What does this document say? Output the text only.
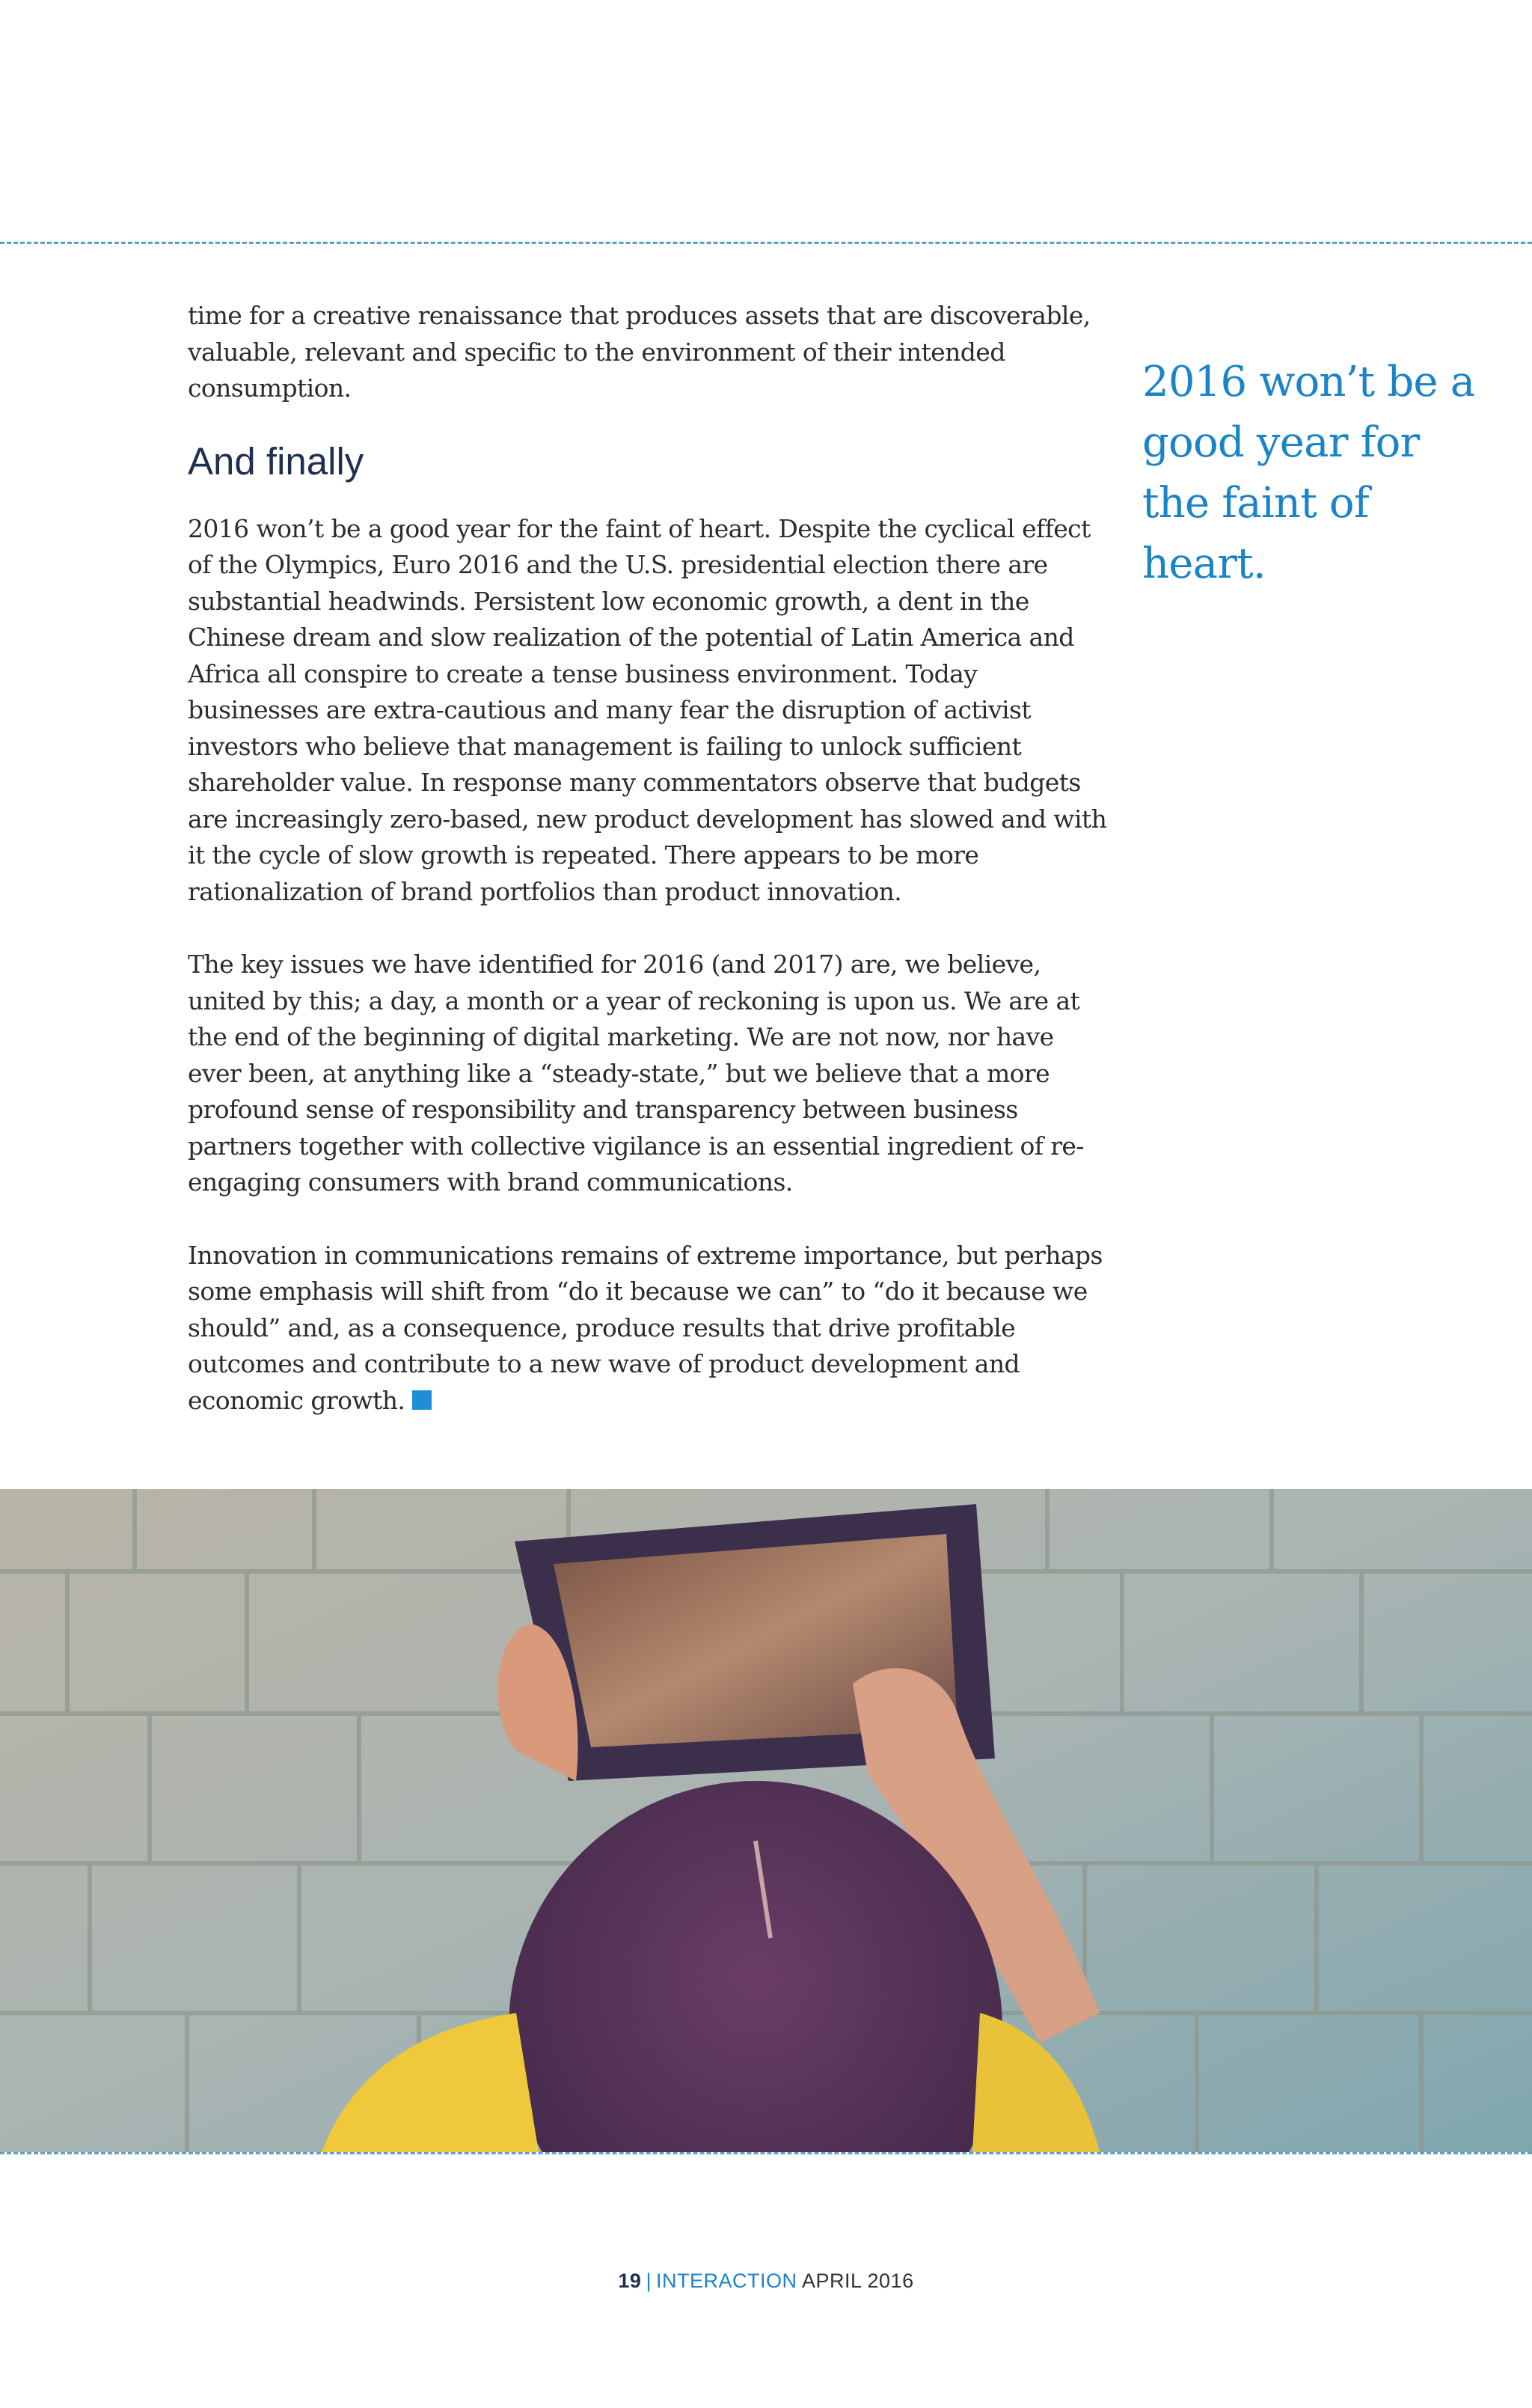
time for a creative renaissance that produces assets that are discoverable, valuable, relevant and specific to the environment of their intended consumption.

And finally

2016 won’t be a good year for the faint of heart. Despite the cyclical effect of the Olympics, Euro 2016 and the U.S. presidential election there are substantial headwinds. Persistent low economic growth, a dent in the Chinese dream and slow realization of the potential of Latin America and Africa all conspire to create a tense business environment. Today businesses are extra-cautious and many fear the disruption of activist investors who believe that management is failing to unlock sufficient shareholder value. In response many commentators observe that budgets are increasingly zero-based, new product development has slowed and with it the cycle of slow growth is repeated. There appears to be more rationalization of brand portfolios than product innovation.

The key issues we have identified for 2016 (and 2017) are, we believe, united by this; a day, a month or a year of reckoning is upon us. We are at the end of the beginning of digital marketing. We are not now, nor have ever been, at anything like a “steady-state,” but we believe that a more profound sense of responsibility and transparency between business partners together with collective vigilance is an essential ingredient of re-engaging consumers with brand communications.

Innovation in communications remains of extreme importance, but perhaps some emphasis will shift from “do it because we can” to “do it because we should” and, as a consequence, produce results that drive profitable outcomes and contribute to a new wave of product development and economic growth.

2016 won’t be a good year for the faint of heart.

19 | INTERACTION APRIL 2016
